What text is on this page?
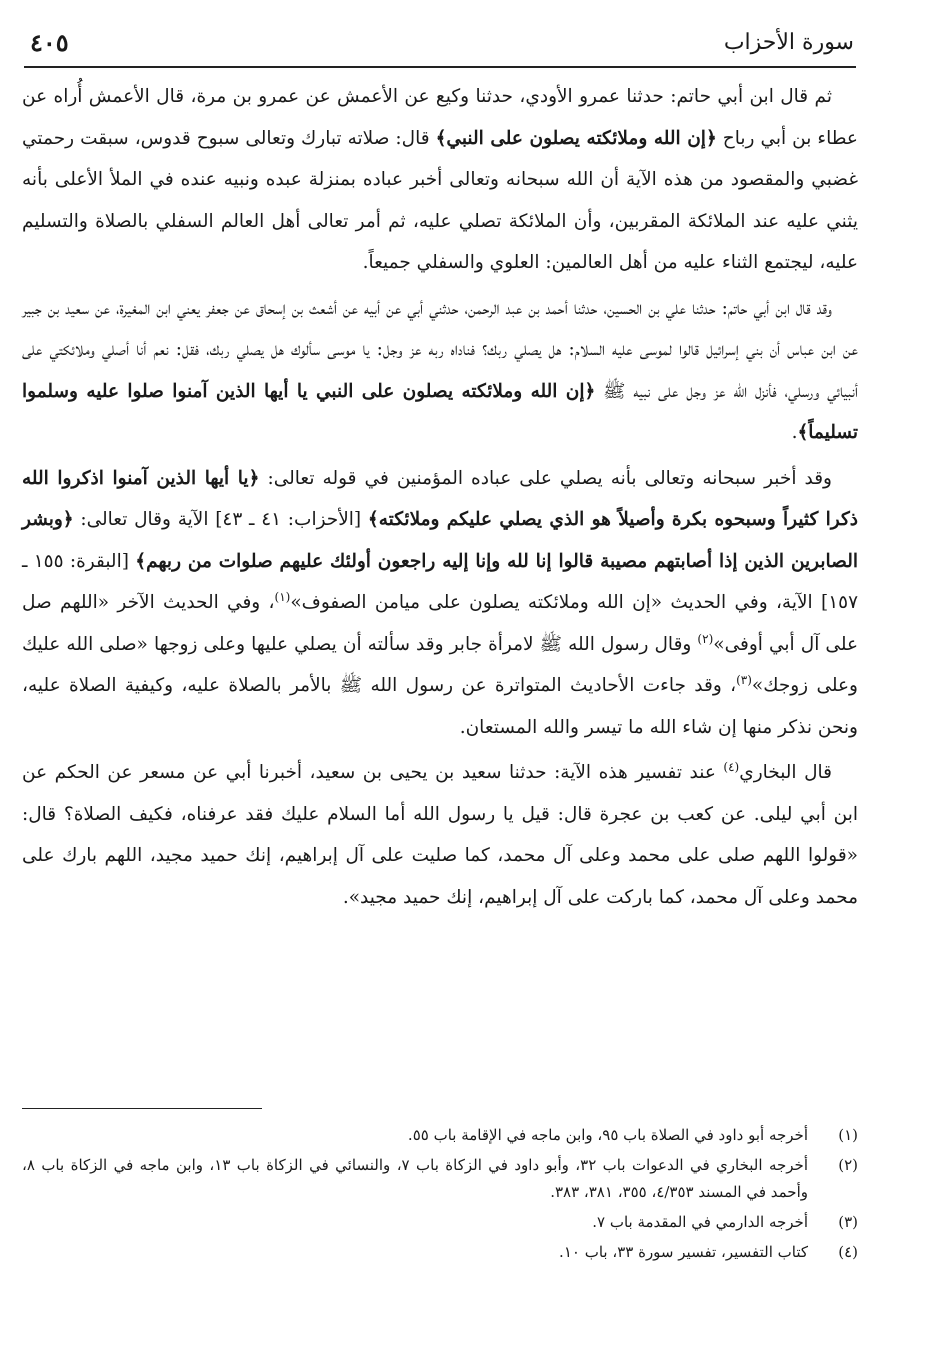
سورة الأحزاب
٤٠٥

ثم قال ابن أبي حاتم: حدثنا عمرو الأودي، حدثنا وكيع عن الأعمش عن عمرو بن مرة، قال الأعمش أُراه عن عطاء بن أبي رباح ﴿إن الله وملائكته يصلون على النبي﴾ قال: صلاته تبارك وتعالى سبوح قدوس، سبقت رحمتي غضبي والمقصود من هذه الآية أن الله سبحانه وتعالى أخبر عباده بمنزلة عبده ونبيه عنده في الملأ الأعلى بأنه يثني عليه عند الملائكة المقربين، وأن الملائكة تصلي عليه، ثم أمر تعالى أهل العالم السفلي بالصلاة والتسليم عليه، ليجتمع الثناء عليه من أهل العالمين: العلوي والسفلي جميعاً.

وقد قال ابن أبي حاتم: حدثنا علي بن الحسين، حدثنا أحمد بن عبد الرحمن، حدثني أبي عن أبيه عن أشعث بن إسحاق عن جعفر يعني ابن المغيرة، عن سعيد بن جبير عن ابن عباس أن بني إسرائيل قالوا لموسى عليه السلام: هل يصلي ربك؟ فناداه ربه عز وجل: يا موسى سألوك هل يصلي ربك، فقل: نعم أنا أصلي وملائكتي على أنبيائي ورسلي، فأنزل الله عز وجل على نبيه ﷺ ﴿إن الله وملائكته يصلون على النبي يا أيها الذين آمنوا صلوا عليه وسلموا تسليماً﴾.

وقد أخبر سبحانه وتعالى بأنه يصلي على عباده المؤمنين في قوله تعالى: ﴿يا أيها الذين آمنوا اذكروا الله ذكرا كثيراً وسبحوه بكرة وأصيلاً هو الذي يصلي عليكم وملائكته﴾ [الأحزاب: ٤١ ـ ٤٣] الآية وقال تعالى: ﴿وبشر الصابرين الذين إذا أصابتهم مصيبة قالوا إنا لله وإنا إليه راجعون أولئك عليهم صلوات من ربهم﴾ [البقرة: ١٥٥ ـ ١٥٧] الآية، وفي الحديث «إن الله وملائكته يصلون على ميامن الصفوف»$^{(١)}$، وفي الحديث الآخر «اللهم صل على آل أبي أوفى»$^{(٢)}$ وقال رسول الله ﷺ لامرأة جابر وقد سألته أن يصلي عليها وعلى زوجها «صلى الله عليك وعلى زوجك»$^{(٣)}$، وقد جاءت الأحاديث المتواترة عن رسول الله ﷺ بالأمر بالصلاة عليه، وكيفية الصلاة عليه، ونحن نذكر منها إن شاء الله ما تيسر والله المستعان.

قال البخاري$^{(٤)}$ عند تفسير هذه الآية: حدثنا سعيد بن يحيى بن سعيد، أخبرنا أبي عن مسعر عن الحكم عن ابن أبي ليلى. عن كعب بن عجرة قال: قيل يا رسول الله أما السلام عليك فقد عرفناه، فكيف الصلاة؟ قال: «قولوا اللهم صلى على محمد وعلى آل محمد، كما صليت على آل إبراهيم، إنك حميد مجيد، اللهم بارك على محمد وعلى آل محمد، كما باركت على آل إبراهيم، إنك حميد مجيد».

(١)
أخرجه أبو داود في الصلاة باب ٩٥، وابن ماجه في الإقامة باب ٥٥.
(٢)
أخرجه البخاري في الدعوات باب ٣٢، وأبو داود في الزكاة باب ٧، والنسائي في الزكاة باب ١٣، وابن ماجه في الزكاة باب ٨، وأحمد في المسند ٤/٣٥٣، ٣٥٥، ٣٨١، ٣٨٣.
(٣)
أخرجه الدارمي في المقدمة باب ٧.
(٤)
كتاب التفسير، تفسير سورة ٣٣، باب ١٠.
